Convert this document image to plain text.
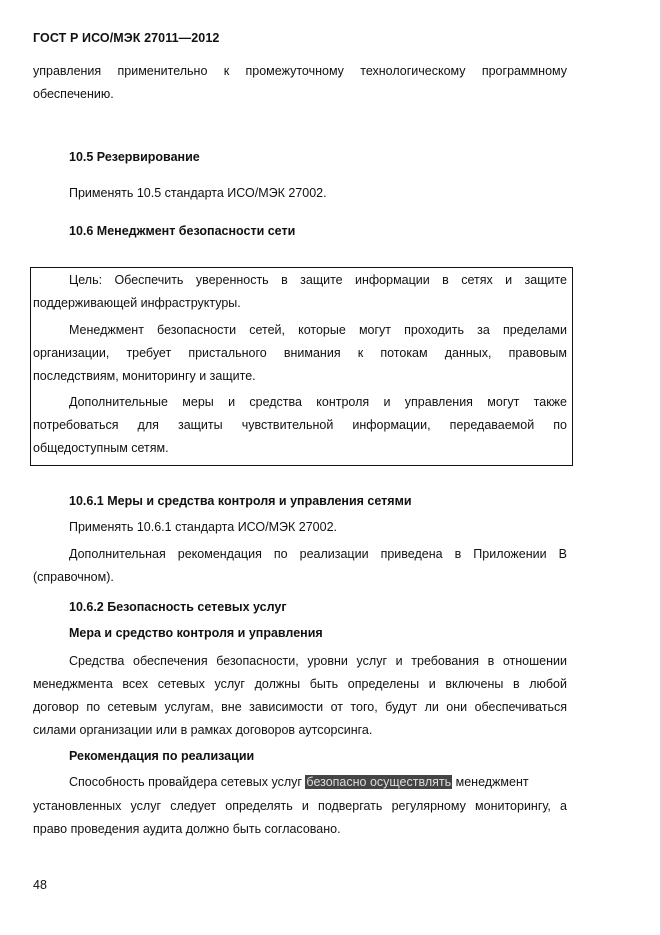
ГОСТ Р ИСО/МЭК 27011—2012
управления применительно к промежуточному технологическому программному
обеспечению.
10.5 Резервирование
Применять 10.5 стандарта ИСО/МЭК 27002.
10.6 Менеджмент безопасности сети
Цель: Обеспечить уверенность в защите информации в сетях и защите
поддерживающей инфраструктуры.
Менеджмент безопасности сетей, которые могут проходить за пределами
организации, требует пристального внимания к потокам данных, правовым
последствиям, мониторингу и защите.
Дополнительные меры и средства контроля и управления могут также
потребоваться для защиты чувствительной информации, передаваемой по
общедоступным сетям.
10.6.1 Меры и средства контроля и управления сетями
Применять 10.6.1 стандарта ИСО/МЭК 27002.
Дополнительная рекомендация по реализации приведена в Приложении В
(справочном).
10.6.2 Безопасность сетевых услуг
Мера и средство контроля и управления
Средства обеспечения безопасности, уровни услуг и требования в отношении
менеджмента всех сетевых услуг должны быть определены и включены в любой
договор по сетевым услугам, вне зависимости от того, будут ли они обеспечиваться
силами организации или в рамках договоров аутсорсинга.
Рекомендация по реализации
Способность провайдера сетевых услуг безопасно осуществлять менеджмент
установленных услуг следует определять и подвергать регулярному мониторингу, а
право проведения аудита должно быть согласовано.
48
